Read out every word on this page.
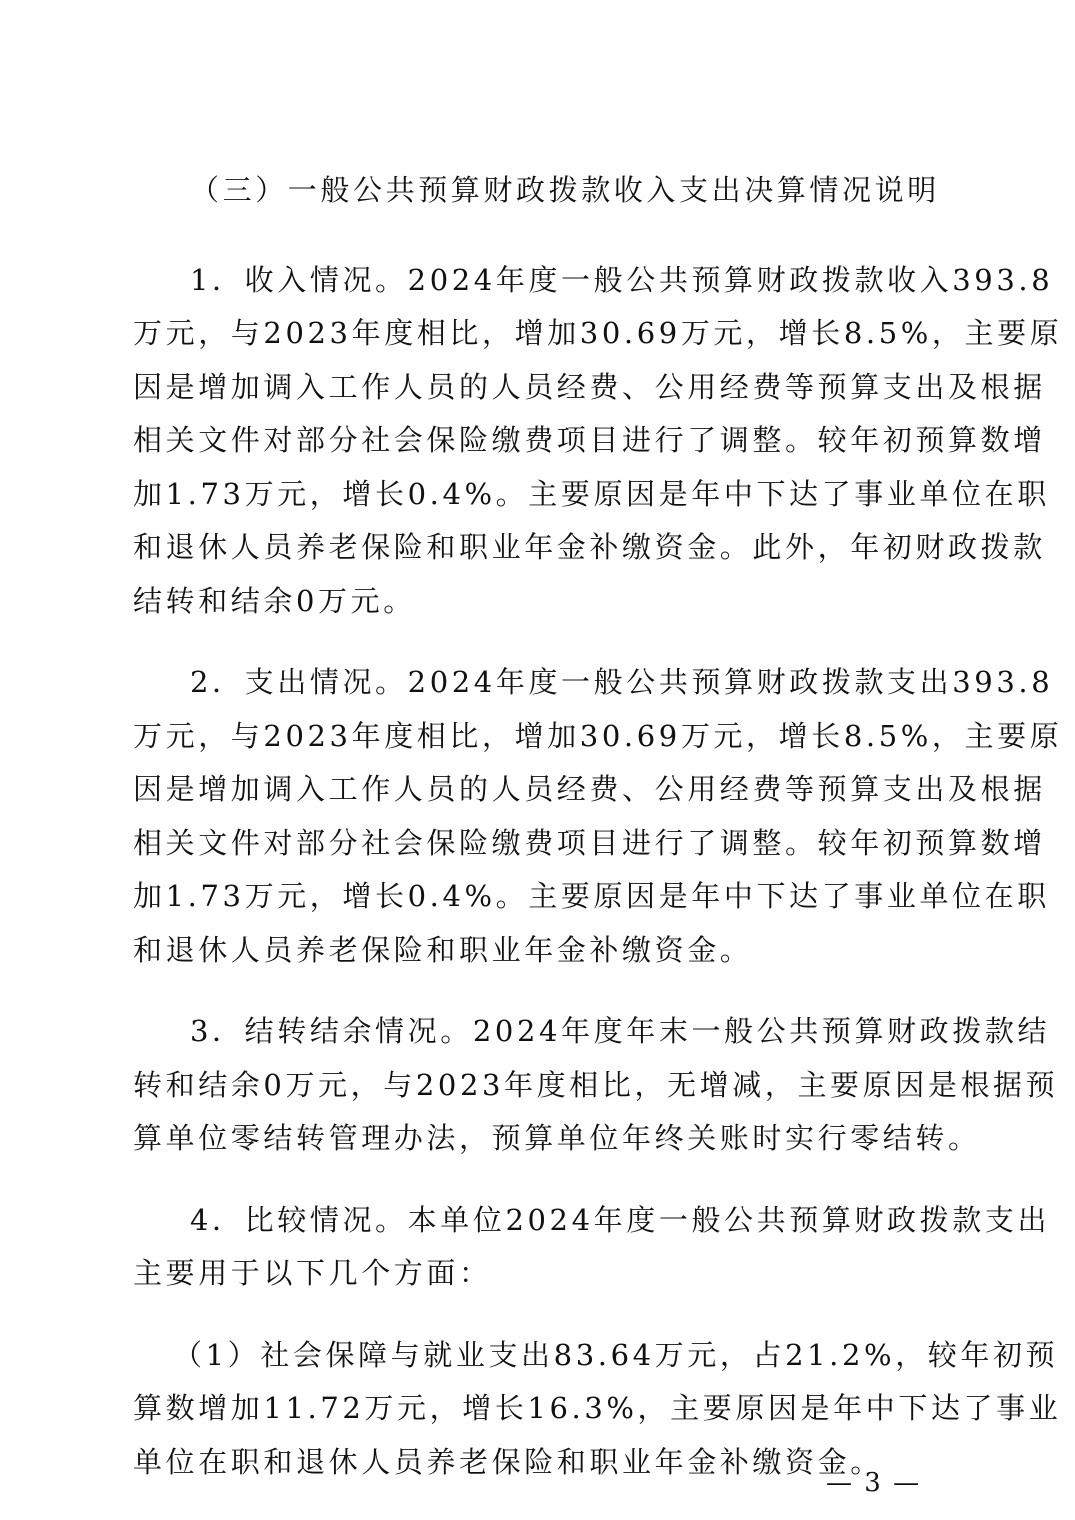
（三）一般公共预算财政拨款收入支出决算情况说明
1．收入情况。2024年度一般公共预算财政拨款收入393.8
万元，与2023年度相比，增加30.69万元，增长8.5%，主要原
因是增加调入工作人员的人员经费、公用经费等预算支出及根据
相关文件对部分社会保险缴费项目进行了调整。较年初预算数增
加1.73万元，增长0.4%。主要原因是年中下达了事业单位在职
和退休人员养老保险和职业年金补缴资金。此外，年初财政拨款
结转和结余0万元。
2．支出情况。2024年度一般公共预算财政拨款支出393.8
万元，与2023年度相比，增加30.69万元，增长8.5%，主要原
因是增加调入工作人员的人员经费、公用经费等预算支出及根据
相关文件对部分社会保险缴费项目进行了调整。较年初预算数增
加1.73万元，增长0.4%。主要原因是年中下达了事业单位在职
和退休人员养老保险和职业年金补缴资金。
3．结转结余情况。2024年度年末一般公共预算财政拨款结
转和结余0万元，与2023年度相比，无增减，主要原因是根据预
算单位零结转管理办法，预算单位年终关账时实行零结转。
4．比较情况。本单位2024年度一般公共预算财政拨款支出
主要用于以下几个方面：
（1）社会保障与就业支出83.64万元，占21.2%，较年初预
算数增加11.72万元，增长16.3%，主要原因是年中下达了事业
单位在职和退休人员养老保险和职业年金补缴资金。
— 3 —
